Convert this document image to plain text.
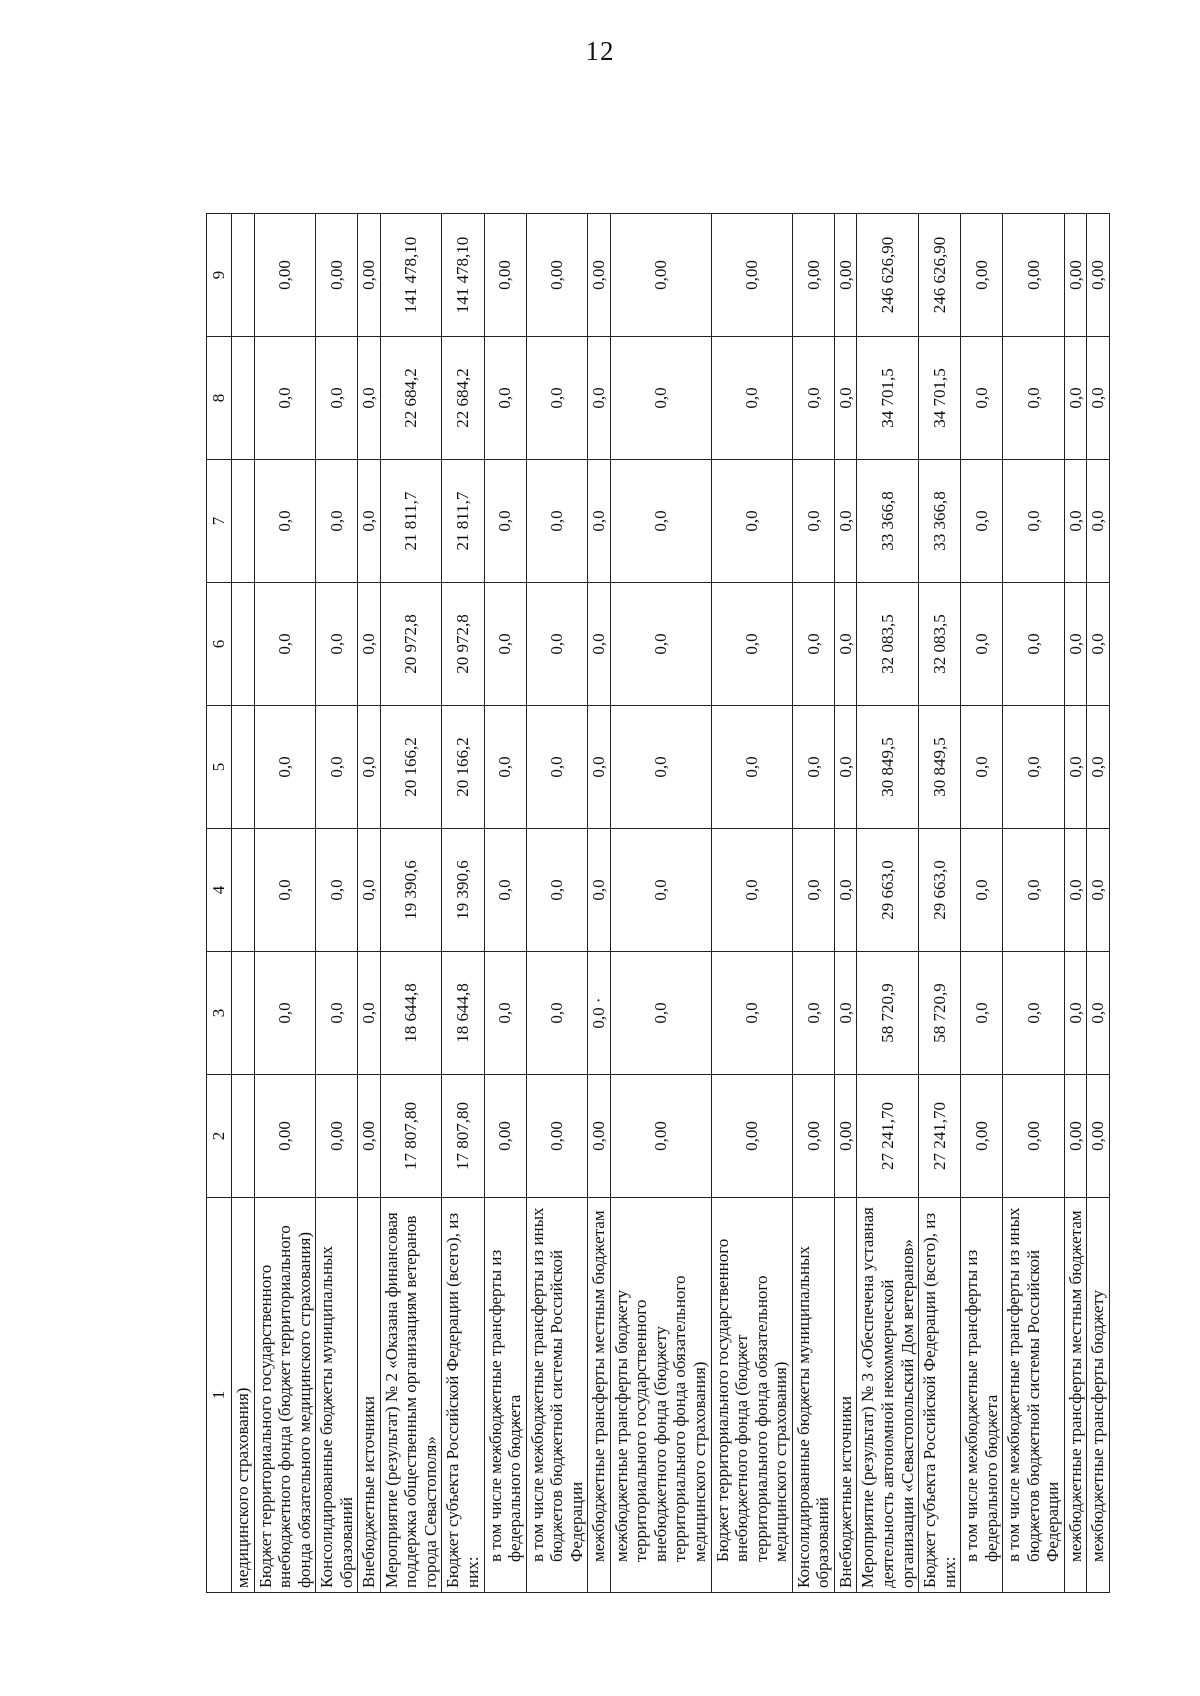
12
1	2	3	4	5	6	7	8	9
медицинского страхования)								
Бюджет территориального государственного внебюджетного фонда (бюджет территориального фонда обязательного медицинского страхования)	0,00	0,0	0,0	0,0	0,0	0,0	0,0	0,00
Консолидированные бюджеты муниципальных образований	0,00	0,0	0,0	0,0	0,0	0,0	0,0	0,00
Внебюджетные источники	0,00	0,0	0,0	0,0	0,0	0,0	0,0	0,00
Мероприятие (результат) № 2 «Оказана финансовая поддержка общественным организациям ветеранов города Севастополя»	17 807,80	18 644,8	19 390,6	20 166,2	20 972,8	21 811,7	22 684,2	141 478,10
Бюджет субъекта Российской Федерации (всего), из них:	17 807,80	18 644,8	19 390,6	20 166,2	20 972,8	21 811,7	22 684,2	141 478,10
в том числе межбюджетные трансферты из федерального бюджета	0,00	0,0	0,0	0,0	0,0	0,0	0,0	0,00
в том числе межбюджетные трансферты из иных бюджетов бюджетной системы Российской Федерации	0,00	0,0	0,0	0,0	0,0	0,0	0,0	0,00
межбюджетные трансферты местным бюджетам	0,00	0,0 ·	0,0	0,0	0,0	0,0	0,0	0,00
межбюджетные трансферты бюджету территориального государственного внебюджетного фонда (бюджету территориального фонда обязательного медицинского страхования)	0,00	0,0	0,0	0,0	0,0	0,0	0,0	0,00
Бюджет территориального государственного внебюджетного фонда (бюджет территориального фонда обязательного медицинского страхования)	0,00	0,0	0,0	0,0	0,0	0,0	0,0	0,00
Консолидированные бюджеты муниципальных образований	0,00	0,0	0,0	0,0	0,0	0,0	0,0	0,00
Внебюджетные источники	0,00	0,0	0,0	0,0	0,0	0,0	0,0	0,00
Мероприятие (результат) № 3 «Обеспечена уставная деятельность автономной некоммерческой организации «Севастопольский Дом ветеранов»	27 241,70	58 720,9	29 663,0	30 849,5	32 083,5	33 366,8	34 701,5	246 626,90
Бюджет субъекта Российской Федерации (всего), из них:	27 241,70	58 720,9	29 663,0	30 849,5	32 083,5	33 366,8	34 701,5	246 626,90
в том числе межбюджетные трансферты из федерального бюджета	0,00	0,0	0,0	0,0	0,0	0,0	0,0	0,00
в том числе межбюджетные трансферты из иных бюджетов бюджетной системы Российской Федерации	0,00	0,0	0,0	0,0	0,0	0,0	0,0	0,00
межбюджетные трансферты местным бюджетам	0,00	0,0	0,0	0,0	0,0	0,0	0,0	0,00
межбюджетные трансферты бюджету	0,00	0,0	0,0	0,0	0,0	0,0	0,0	0,00
